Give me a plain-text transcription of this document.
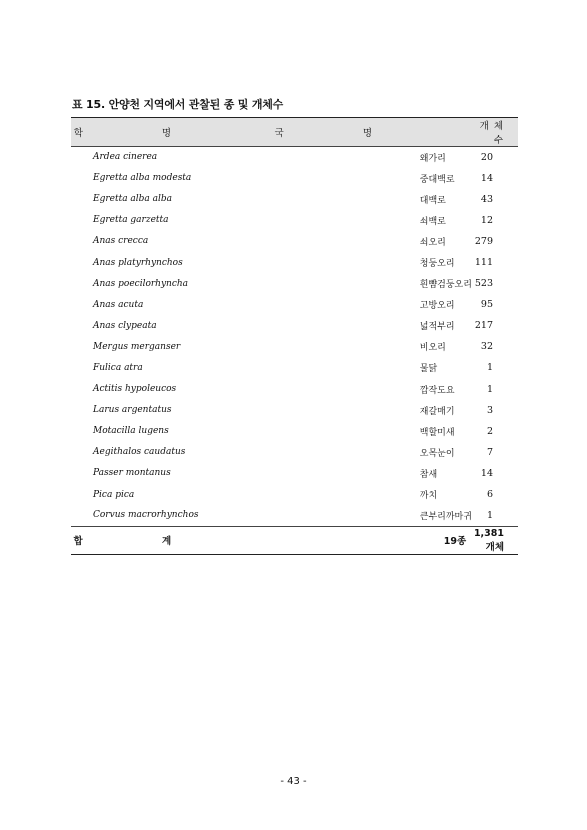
표 15. 안양천 지역에서 관찰된 종 및 개체수
학 명	국 명	개 체 수
Ardea cinerea	왜가리	20
Egretta alba modesta	중대백로	14
Egretta alba alba	대백로	43
Egretta garzetta	쇠백로	12
Anas crecca	쇠오리	279
Anas platyrhynchos	청둥오리	111
Anas poecilorhyncha	흰뺨검둥오리	523
Anas acuta	고방오리	95
Anas clypeata	넓적부리	217
Mergus merganser	비오리	32
Fulica atra	물닭	1
Actitis hypoleucos	깝작도요	1
Larus argentatus	재갈매기	3
Motacilla lugens	백할미새	2
Aegithalos caudatus	오목눈이	7
Passer montanus	참새	14
Pica pica	까치	6
Corvus macrorhynchos	큰부리까마귀	1
합 계	19종	1,381개체
- 43 -
